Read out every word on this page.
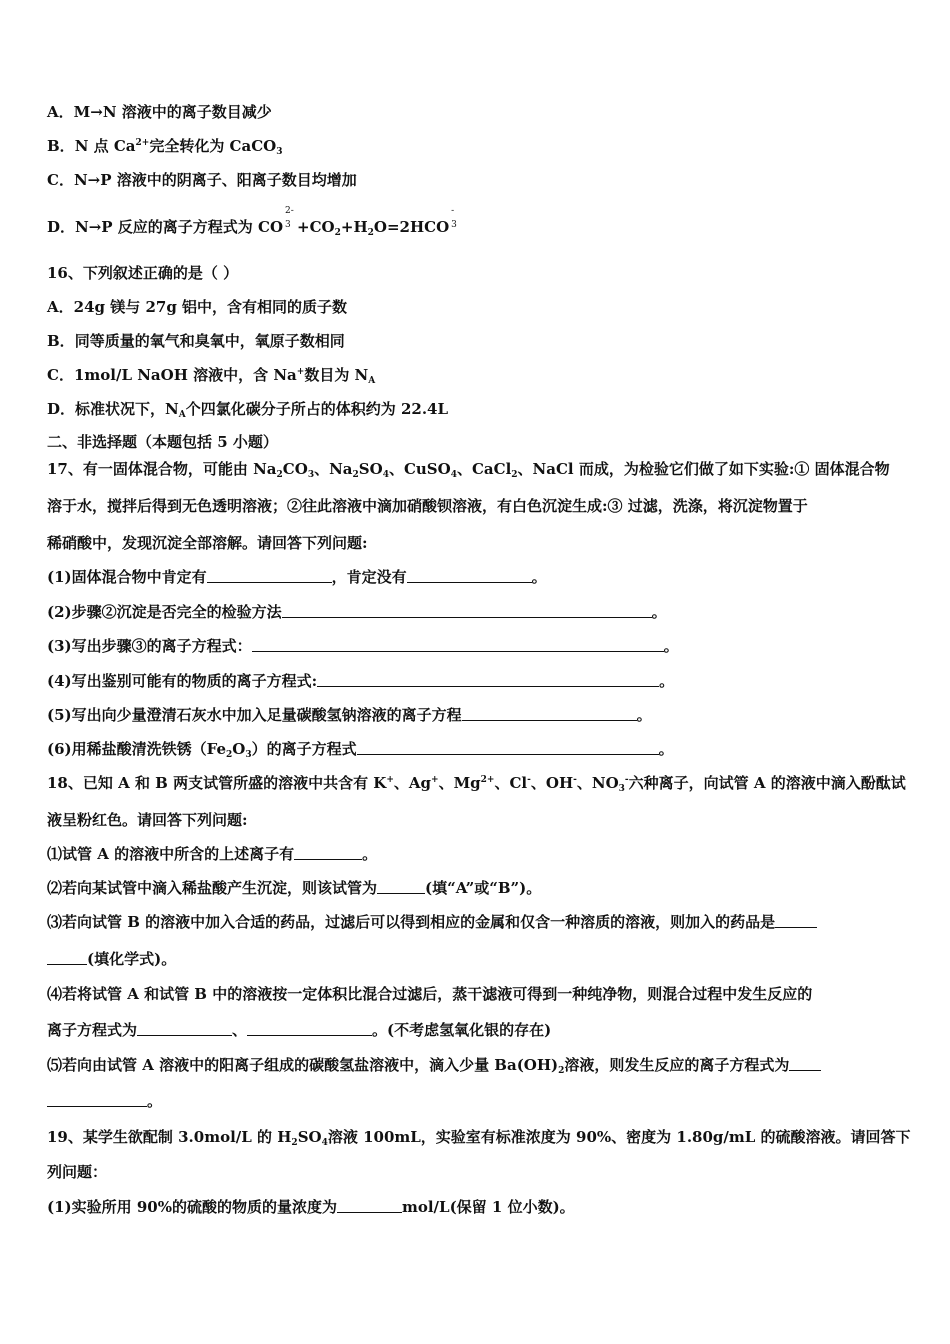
A．M→N 溶液中的离子数目减少
B．N 点 $Ca^{2+}$完全转化为 CaCO$_3$
C．N→P 溶液中的阴离子、阳离子数目均增加
D．N→P 反应的离子方程式为 CO
2-
$3 +CO_2+H_2O=2HCO$
-
3
16、下列叙述正确的是（ ）
A．24g 镁与 27g 铝中，含有相同的质子数
B．同等质量的氧气和臭氧中，氧原子数相同
C．1mol/L NaOH 溶液中，含 Na+数目为 $N_A$
D．标准状况下，$N_A$个四氯化碳分子所占的体积约为 22.4L
二、非选择题（本题包括 5 小题）
17、有一固体混合物，可能由 $Na_2CO_3$、$Na_2SO_4$、CuSO$_4$、CaCl$_2$、NaCl 而成，为检验它们做了如下实验:① 固体混合物
溶于水，搅拌后得到无色透明溶液；②往此溶液中滴加硝酸钡溶液，有白色沉淀生成:③ 过滤，洗涤，将沉淀物置于
稀硝酸中，发现沉淀全部溶解。请回答下列问题:
(1)固体混合物中肯定有	，肯定没有	。
(2)步骤②沉淀是否完全的检验方法	。
(3)写出步骤③的离子方程式：	。
(4)写出鉴别可能有的物质的离子方程式:	。
(5)写出向少量澄清石灰水中加入足量碳酸氢钠溶液的离子方程	。
(6)用稀盐酸清洗铁锈$(Fe_2O_3)$的离子方程式	。
18、已知 A 和 B 两支试管所盛的溶液中共含有 K+、Ag+、$Mg^{2+}$、Cl-、OH-、$NO_3^-$六种离子，向试管 A 的溶液中滴入酚酞试
液呈粉红色。请回答下列问题:
⑴试管 A 的溶液中所含的上述离子有	。
⑵若向某试管中滴入稀盐酸产生沉淀，则该试管为	(填“A”或“B”)。
⑶若向试管 B 的溶液中加入合适的药品，过滤后可以得到相应的金属和仅含一种溶质的溶液，则加入的药品是
(填化学式)。
⑷若将试管 A 和试管 B 中的溶液按一定体积比混合过滤后，蒸干滤液可得到一种纯净物，则混合过程中发生反应的
离子方程式为	、	。(不考虑氢氧化银的存在)
⑸若向由试管 A 溶液中的阳离子组成的碳酸氢盐溶液中，滴入少量 $Ba(OH)_2$溶液，则发生反应的离子方程式为
。
19、某学生欲配制 3.0mol/L 的 $H_2SO_4$溶液 100mL，实验室有标准浓度为 90%、密度为 1.80g/mL 的硫酸溶液。请回答下
列问题：
(1)实验所用 90%的硫酸的物质的量浓度为	mol/L(保留 1 位小数)。
